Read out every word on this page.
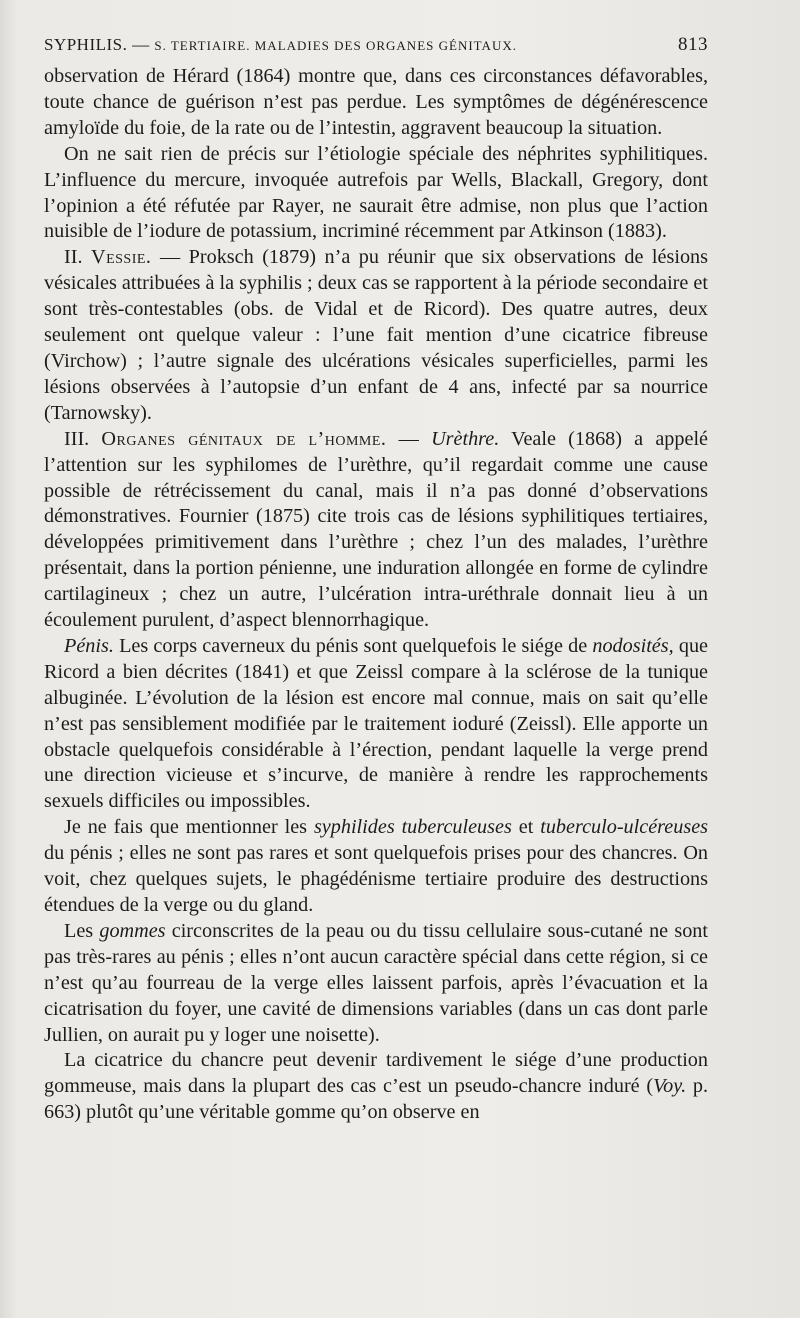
SYPHILIS. — S. TERTIAIRE. MALADIES DES ORGANES GÉNITAUX.	813

observation de Hérard (1864) montre que, dans ces circonstances défavorables, toute chance de guérison n’est pas perdue. Les symptômes de dégénérescence amyloïde du foie, de la rate ou de l’intestin, aggravent beaucoup la situation.

On ne sait rien de précis sur l’étiologie spéciale des néphrites syphilitiques. L’influence du mercure, invoquée autrefois par Wells, Blackall, Gregory, dont l’opinion a été réfutée par Rayer, ne saurait être admise, non plus que l’action nuisible de l’iodure de potassium, incriminé récemment par Atkinson (1883).

II. Vessie. — Proksch (1879) n’a pu réunir que six observations de lésions vésicales attribuées à la syphilis ; deux cas se rapportent à la période secondaire et sont très-contestables (obs. de Vidal et de Ricord). Des quatre autres, deux seulement ont quelque valeur : l’une fait mention d’une cicatrice fibreuse (Virchow) ; l’autre signale des ulcérations vésicales superficielles, parmi les lésions observées à l’autopsie d’un enfant de 4 ans, infecté par sa nourrice (Tarnowsky).

III. Organes génitaux de l’homme. — Urèthre. Veale (1868) a appelé l’attention sur les syphilomes de l’urèthre, qu’il regardait comme une cause possible de rétrécissement du canal, mais il n’a pas donné d’observations démonstratives. Fournier (1875) cite trois cas de lésions syphilitiques tertiaires, développées primitivement dans l’urèthre ; chez l’un des malades, l’urèthre présentait, dans la portion pénienne, une induration allongée en forme de cylindre cartilagineux ; chez un autre, l’ulcération intra-uréthrale donnait lieu à un écoulement purulent, d’aspect blennorrhagique.

Pénis. Les corps caverneux du pénis sont quelquefois le siége de nodosités, que Ricord a bien décrites (1841) et que Zeissl compare à la sclérose de la tunique albuginée. L’évolution de la lésion est encore mal connue, mais on sait qu’elle n’est pas sensiblement modifiée par le traitement ioduré (Zeissl). Elle apporte un obstacle quelquefois considérable à l’érection, pendant laquelle la verge prend une direction vicieuse et s’incurve, de manière à rendre les rapprochements sexuels difficiles ou impossibles.

Je ne fais que mentionner les syphilides tuberculeuses et tuberculo-ulcéreuses du pénis ; elles ne sont pas rares et sont quelquefois prises pour des chancres. On voit, chez quelques sujets, le phagédénisme tertiaire produire des destructions étendues de la verge ou du gland.

Les gommes circonscrites de la peau ou du tissu cellulaire sous-cutané ne sont pas très-rares au pénis ; elles n’ont aucun caractère spécial dans cette région, si ce n’est qu’au fourreau de la verge elles laissent parfois, après l’évacuation et la cicatrisation du foyer, une cavité de dimensions variables (dans un cas dont parle Jullien, on aurait pu y loger une noisette).

La cicatrice du chancre peut devenir tardivement le siége d’une production gommeuse, mais dans la plupart des cas c’est un pseudo-chancre induré (Voy. p. 663) plutôt qu’une véritable gomme qu’on observe en
